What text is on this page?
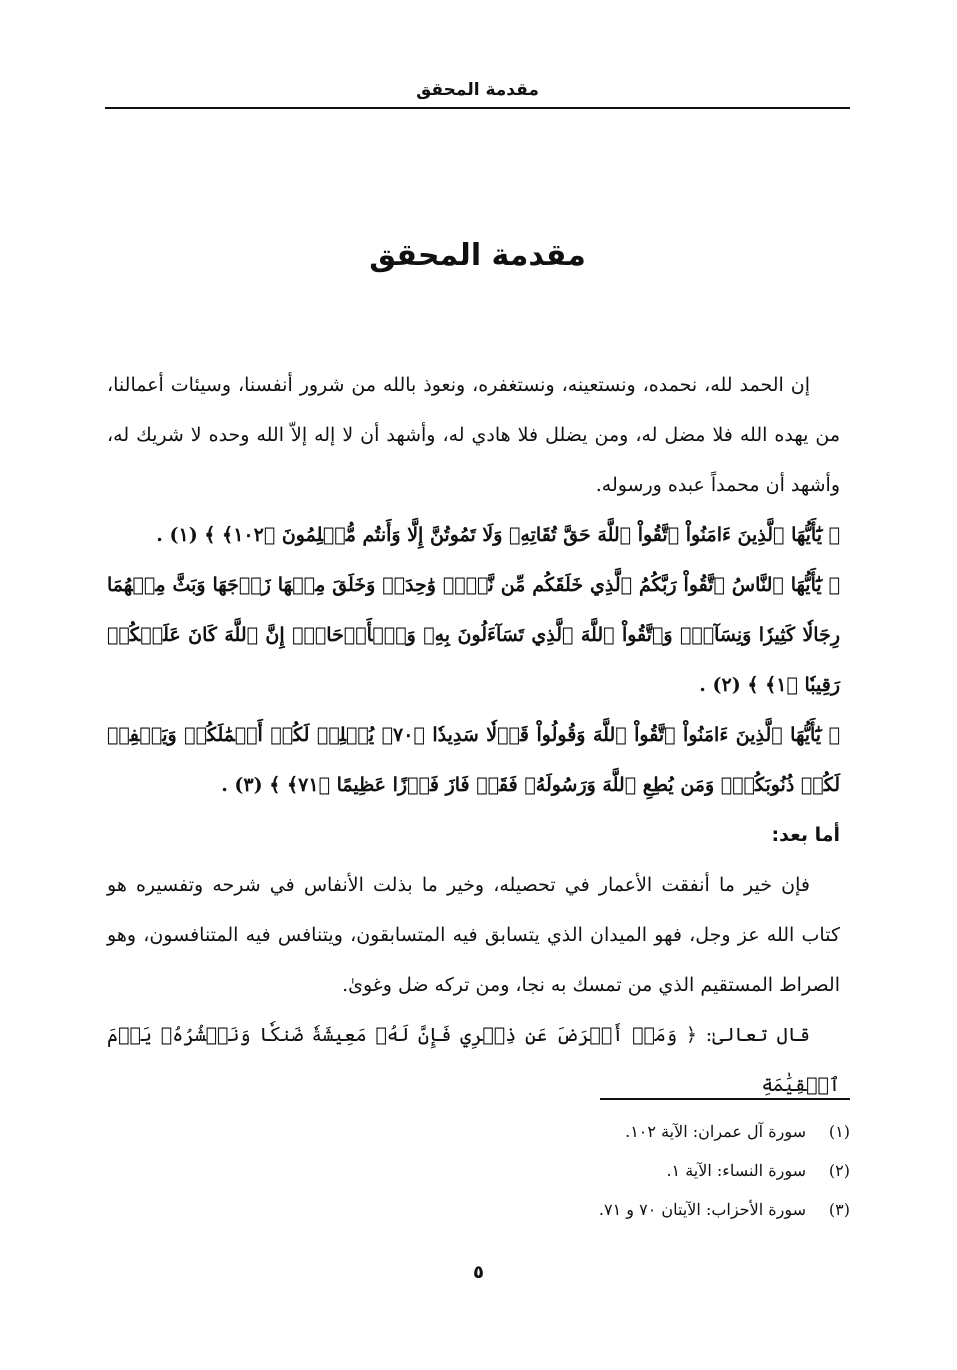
مقدمة المحقق
مقدمة المحقق

إن الحمد لله، نحمده، ونستعينه، ونستغفره، ونعوذ بالله من شرور أنفسنا، وسيئات أعمالنا، من يهده الله فلا مضل له، ومن يضلل فلا هادي له، وأشهد أن لا إله إلاّ الله وحده لا شريك له، وأشهد أن محمداً عبده ورسوله.

﴿ يَٰٓأَيُّهَا ٱلَّذِينَ ءَامَنُواْ ٱتَّقُواْ ٱللَّهَ حَقَّ تُقَاتِهِۦ وَلَا تَمُوتُنَّ إِلَّا وَأَنتُم مُّسۡلِمُونَ ﴿١٠٢﴾ ﴾ (١) .

﴿ يَٰٓأَيُّهَا ٱلنَّاسُ ٱتَّقُواْ رَبَّكُمُ ٱلَّذِي خَلَقَكُم مِّن نَّفۡسٖ وَٰحِدَةٖ وَخَلَقَ مِنۡهَا زَوۡجَهَا وَبَثَّ مِنۡهُمَا رِجَالٗا كَثِيرٗا وَنِسَآءٗۚ وَٱتَّقُواْ ٱللَّهَ ٱلَّذِي تَسَآءَلُونَ بِهِۦ وَٱلۡأَرۡحَامَۚ إِنَّ ٱللَّهَ كَانَ عَلَيۡكُمۡ رَقِيبٗا ﴿١﴾ ﴾ (٢) .

﴿ يَٰٓأَيُّهَا ٱلَّذِينَ ءَامَنُواْ ٱتَّقُواْ ٱللَّهَ وَقُولُواْ قَوۡلٗا سَدِيدٗا ﴿٧٠﴾ يُصۡلِحۡ لَكُمۡ أَعۡمَٰلَكُمۡ وَيَغۡفِرۡ لَكُمۡ ذُنُوبَكُمۡۗ وَمَن يُطِعِ ٱللَّهَ وَرَسُولَهُۥ فَقَدۡ فَازَ فَوۡزًا عَظِيمًا ﴿٧١﴾ ﴾ (٣) .

أما بعد:

فإن خير ما أنفقت الأعمار في تحصيله، وخير ما بذلت الأنفاس في شرحه وتفسيره هو كتاب الله عز وجل، فهو الميدان الذي يتسابق فيه المتسابقون، ويتنافس فيه المتنافسون، وهو الصراط المستقيم الذي من تمسك به نجا، ومن تركه ضل وغوىٰ.

قال تعالىٰ: ﴿ وَمَنۡ أَعۡرَضَ عَن ذِكۡرِي فَإِنَّ لَهُۥ مَعِيشَةٗ ضَنكٗا وَنَحۡشُرُهُۥ يَوۡمَ ٱلۡقِيَٰمَةِ

(١)
سورة آل عمران: الآية ١٠٢.

(٢)
سورة النساء: الآية ١.

(٣)
سورة الأحزاب: الآيتان ٧٠ و ٧١.

٥
